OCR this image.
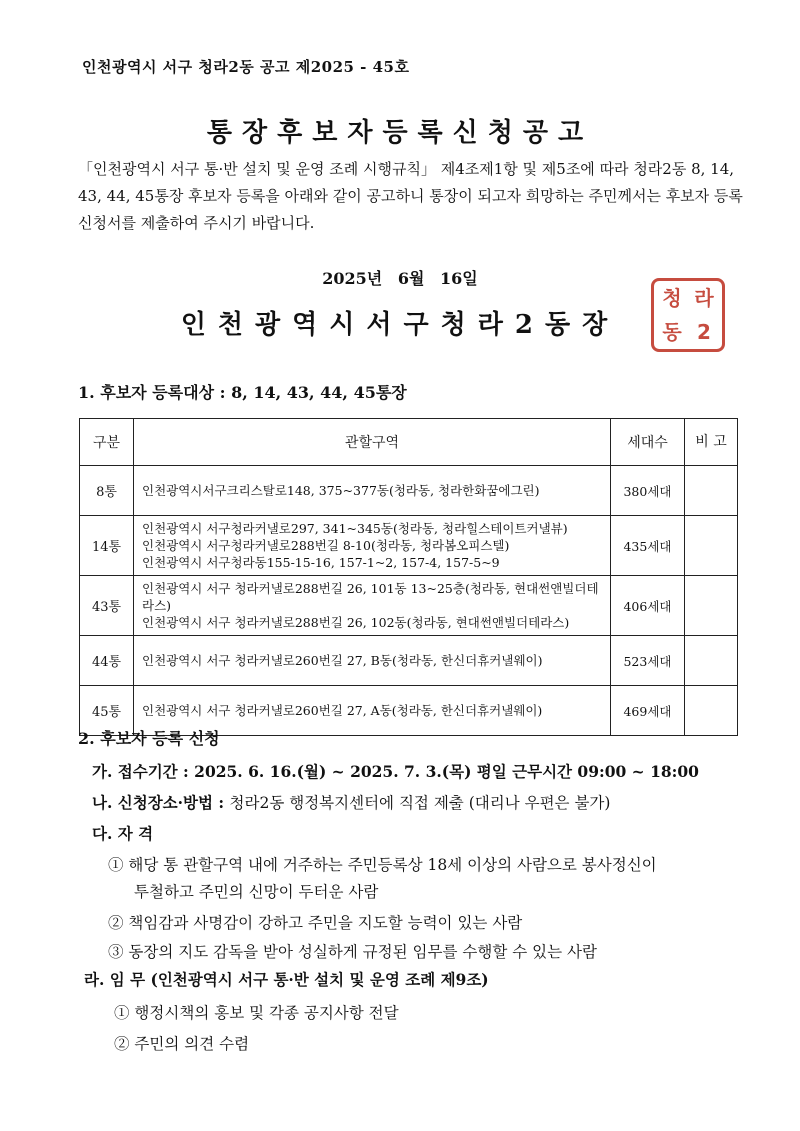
인천광역시 서구 청라2동 공고 제2025 - 45호
통장후보자등록신청공고
「인천광역시 서구 통·반 설치 및 운영 조례 시행규칙」 제4조제1항 및 제5조에 따라 청라2동 8, 14, 43, 44, 45통장 후보자 등록을 아래와 같이 공고하니 통장이 되고자 희망하는 주민께서는 후보자 등록신청서를 제출하여 주시기 바랍니다.
2025년 6월 16일
인천광역시서구청라2동장
청 라
동 2
1. 후보자 등록대상 : 8, 14, 43, 44, 45통장
구분	관할구역	세대수	비 고
8통	인천광역시서구크리스탈로148, 375~377동(청라동, 청라한화꿈에그린)	380세대	
14통	인천광역시 서구청라커낼로297, 341~345동(청라동, 청라힐스테이트커낼뷰)
인천광역시 서구청라커낼로288번길 8-10(청라동, 청라봄오피스텔)
인천광역시 서구청라동155-15-16, 157-1~2, 157-4, 157-5~9	435세대	
43통	인천광역시 서구 청라커낼로288번길 26, 101동 13~25층(청라동, 현대썬앤빌더테라스)
인천광역시 서구 청라커낼로288번길 26, 102동(청라동, 현대썬앤빌더테라스)	406세대	
44통	인천광역시 서구 청라커낼로260번길 27, B동(청라동, 한신더휴커낼웨이)	523세대	
45통	인천광역시 서구 청라커낼로260번길 27, A동(청라동, 한신더휴커낼웨이)	469세대	
2. 후보자 등록 신청
가. 접수기간 : 2025. 6. 16.(월) ~ 2025. 7. 3.(목) 평일 근무시간 09:00 ~ 18:00
나. 신청장소·방법 : 청라2동 행정복지센터에 직접 제출 (대리나 우편은 불가)
다. 자 격
① 해당 통 관할구역 내에 거주하는 주민등록상 18세 이상의 사람으로 봉사정신이
투철하고 주민의 신망이 두터운 사람
② 책임감과 사명감이 강하고 주민을 지도할 능력이 있는 사람
③ 동장의 지도 감독을 받아 성실하게 규정된 임무를 수행할 수 있는 사람
라. 임 무 (인천광역시 서구 통·반 설치 및 운영 조례 제9조)
① 행정시책의 홍보 및 각종 공지사항 전달
② 주민의 의견 수렴
